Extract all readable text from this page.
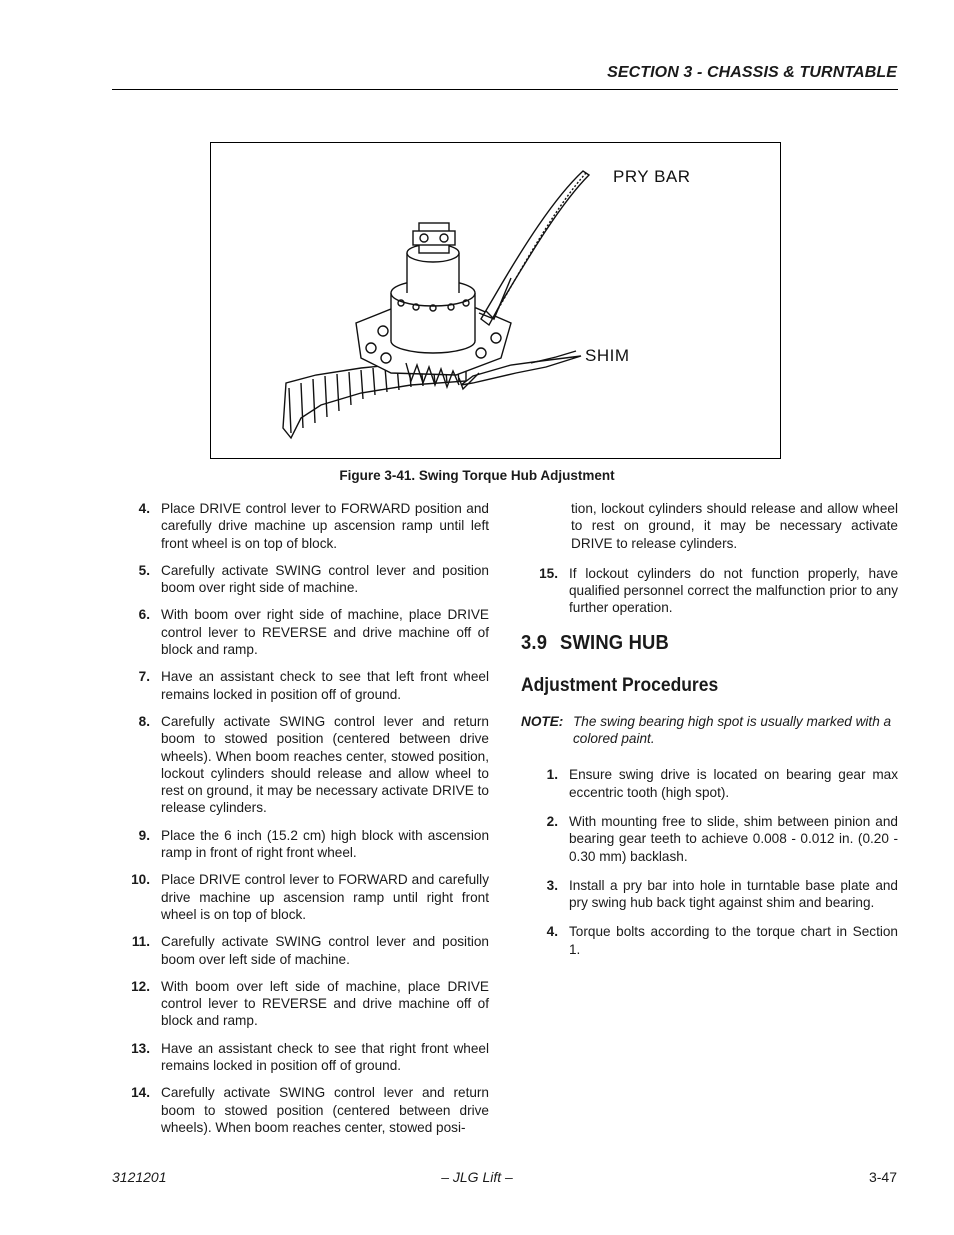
SECTION 3 - CHASSIS & TURNTABLE
PRY BAR
SHIM
Figure 3-41. Swing Torque Hub Adjustment
4. Place DRIVE control lever to FORWARD position and carefully drive machine up ascension ramp until left front wheel is on top of block.
5. Carefully activate SWING control lever and position boom over right side of machine.
6. With boom over right side of machine, place DRIVE control lever to REVERSE and drive machine off of block and ramp.
7. Have an assistant check to see that left front wheel remains locked in position off of ground.
8. Carefully activate SWING control lever and return boom to stowed position (centered between drive wheels). When boom reaches center, stowed position, lockout cylinders should release and allow wheel to rest on ground, it may be necessary activate DRIVE to release cylinders.
9. Place the 6 inch (15.2 cm) high block with ascension ramp in front of right front wheel.
10. Place DRIVE control lever to FORWARD and carefully drive machine up ascension ramp until right front wheel is on top of block.
11. Carefully activate SWING control lever and position boom over left side of machine.
12. With boom over left side of machine, place DRIVE control lever to REVERSE and drive machine off of block and ramp.
13. Have an assistant check to see that right front wheel remains locked in position off of ground.
14. Carefully activate SWING control lever and return boom to stowed position (centered between drive wheels). When boom reaches center, stowed posi-
tion, lockout cylinders should release and allow wheel to rest on ground, it may be necessary activate DRIVE to release cylinders.
15. If lockout cylinders do not function properly, have qualified personnel correct the malfunction prior to any further operation.
3.9 SWING HUB
Adjustment Procedures
NOTE: The swing bearing high spot is usually marked with a colored paint.
1. Ensure swing drive is located on bearing gear max eccentric tooth (high spot).
2. With mounting free to slide, shim between pinion and bearing gear teeth to achieve 0.008 - 0.012 in. (0.20 - 0.30 mm) backlash.
3. Install a pry bar into hole in turntable base plate and pry swing hub back tight against shim and bearing.
4. Torque bolts according to the torque chart in Section 1.
3121201	– JLG Lift –	3-47
